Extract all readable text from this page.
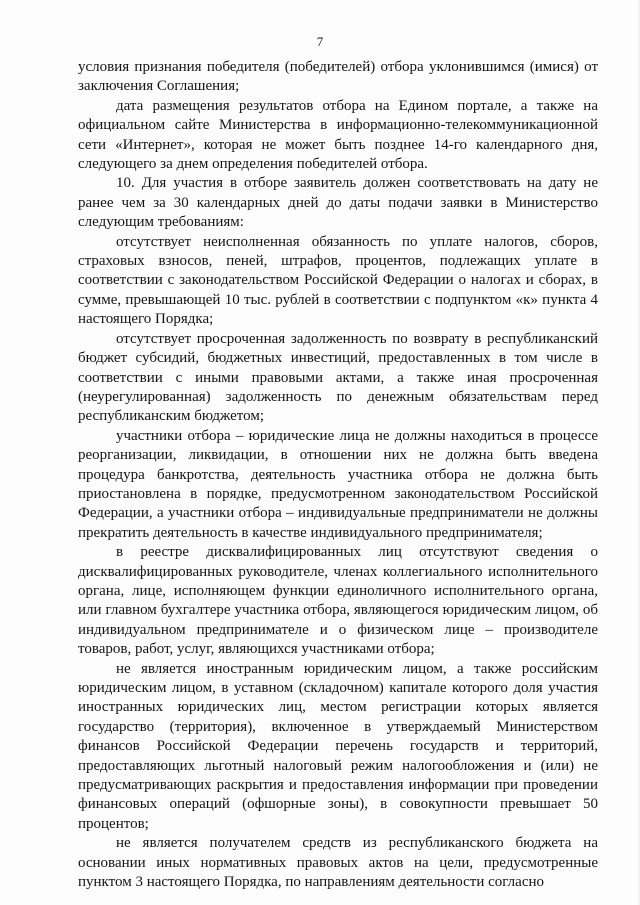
7

условия признания победителя (победителей) отбора уклонившимся (имися) от заключения Соглашения;

дата размещения результатов отбора на Едином портале, а также на официальном сайте Министерства в информационно-телекоммуникационной сети «Интернет», которая не может быть позднее 14-го календарного дня, следующего за днем определения победителей отбора.

10. Для участия в отборе заявитель должен соответствовать на дату не ранее чем за 30 календарных дней до даты подачи заявки в Министерство следующим требованиям:

отсутствует неисполненная обязанность по уплате налогов, сборов, страховых взносов, пеней, штрафов, процентов, подлежащих уплате в соответствии с законодательством Российской Федерации о налогах и сборах, в сумме, превышающей 10 тыс. рублей в соответствии с подпунктом «к» пункта 4 настоящего Порядка;

отсутствует просроченная задолженность по возврату в республиканский бюджет субсидий, бюджетных инвестиций, предоставленных в том числе в соответствии с иными правовыми актами, а также иная просроченная (неурегулированная) задолженность по денежным обязательствам перед республиканским бюджетом;

участники отбора – юридические лица не должны находиться в процессе реорганизации, ликвидации, в отношении них не должна быть введена процедура банкротства, деятельность участника отбора не должна быть приостановлена в порядке, предусмотренном законодательством Российской Федерации, а участники отбора – индивидуальные предприниматели не должны прекратить деятельность в качестве индивидуального предпринимателя;

в реестре дисквалифицированных лиц отсутствуют сведения о дисквалифицированных руководителе, членах коллегиального исполнительного органа, лице, исполняющем функции единоличного исполнительного органа, или главном бухгалтере участника отбора, являющегося юридическим лицом, об индивидуальном предпринимателе и о физическом лице – производителе товаров, работ, услуг, являющихся участниками отбора;

не является иностранным юридическим лицом, а также российским юридическим лицом, в уставном (складочном) капитале которого доля участия иностранных юридических лиц, местом регистрации которых является государство (территория), включенное в утверждаемый Министерством финансов Российской Федерации перечень государств и территорий, предоставляющих льготный налоговый режим налогообложения и (или) не предусматривающих раскрытия и предоставления информации при проведении финансовых операций (офшорные зоны), в совокупности превышает 50 процентов;

не является получателем средств из республиканского бюджета на основании иных нормативных правовых актов на цели, предусмотренные пунктом 3 настоящего Порядка, по направлениям деятельности согласно
